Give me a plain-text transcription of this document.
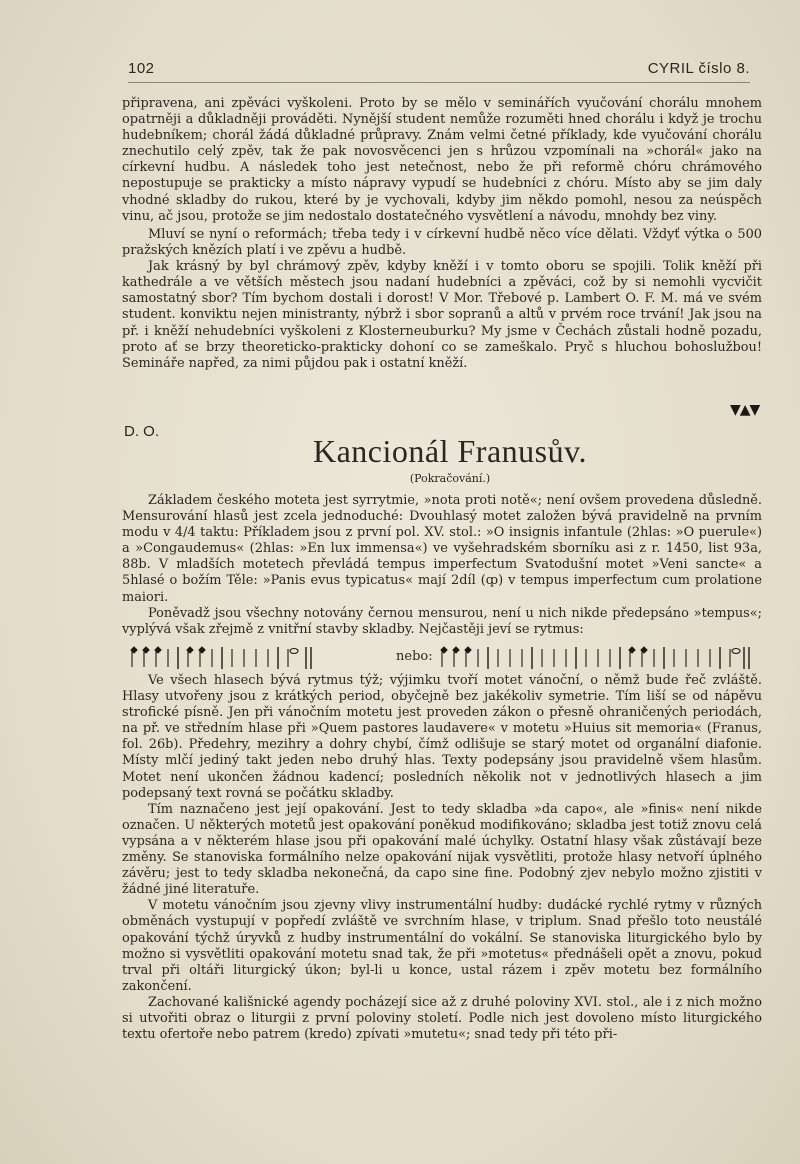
102	CYRIL číslo 8.

připravena, ani zpěváci vyškoleni. Proto by se mělo v seminářích vyučování chorálu mnohem opatrněji a důkladněji prováděti. Nynější student nemůže rozuměti hned chorálu i když je trochu hudebníkem; chorál žádá důkladné průpravy. Znám velmi četné příklady, kde vyučování chorálu znechutilo celý zpěv, tak že pak novosvěcenci jen s hrůzou vzpomínali na »chorál« jako na církevní hudbu. A následek toho jest netečnost, nebo že při reformě chóru chrámového nepostupuje se prakticky a místo nápravy vypudí se hudebníci z chóru. Místo aby se jim daly vhodné skladby do rukou, které by je vychovali, kdyby jim někdo pomohl, nesou za neúspěch vinu, ač jsou, protože se jim nedostalo dostatečného vysvětlení a návodu, mnohdy bez viny.

Mluví se nyní o reformách; třeba tedy i v církevní hudbě něco více dělati. Vždyť výtka o 500 pražských knězích platí i ve zpěvu a hudbě.

Jak krásný by byl chrámový zpěv, kdyby kněží i v tomto oboru se spojili. Tolik kněží při kathedrále a ve větších městech jsou nadaní hudebníci a zpěváci, což by si nemohli vycvičit samostatný sbor? Tím bychom dostali i dorost! V Mor. Třebové p. Lambert O. F. M. má ve svém student. konviktu nejen ministranty, nýbrž i sbor sopranů a altů v prvém roce trvání! Jak jsou na př. i kněží nehudebníci vyškoleni z Klosterneuburku? My jsme v Čechách zůstali hodně pozadu, proto ať se brzy theoreticko-prakticky dohoní co se zameškalo. Pryč s hluchou bohoslužbou! Semináře napřed, za nimi půjdou pak i ostatní kněží.

▼▲▼
D. O.
Kancionál Franusův.
(Pokračování.)

Základem českého moteta jest syrrytmie, »nota proti notě«; není ovšem provedena důsledně. Mensurování hlasů jest zcela jednoduché: Dvouhlasý motet založen bývá pravidelně na prvním modu v 4/4 taktu: Příkladem jsou z první pol. XV. stol.: »O insignis infantule (2hlas: »O puerule«) a »Congaudemus« (2hlas: »En lux immensa«) ve vyšehradském sborníku asi z r. 1450, list 93a, 88b. V mladších motetech převládá tempus imperfectum Svatodušní motet »Veni sancte« a 5hlasé o božím Těle: »Panis evus typicatus« mají 2díl (ȹ) v tempus imperfectum cum prolatione maiori.

Poněvadž jsou všechny notovány černou mensurou, není u nich nikde předepsáno »tempus«; vyplývá však zřejmě z vnitřní stavby skladby. Nejčastěji jeví se rytmus:

nebo:

Ve všech hlasech bývá rytmus týž; výjimku tvoří motet vánoční, o němž bude řeč zvláště. Hlasy utvořeny jsou z krátkých period, obyčejně bez jakékoliv symetrie. Tím liší se od nápěvu strofické písně. Jen při vánočním motetu jest proveden zákon o přesně ohraničených periodách, na př. ve středním hlase při »Quem pastores laudavere« v motetu »Huius sit memoria« (Franus, fol. 26b). Předehry, mezihry a dohry chybí, čímž odlišuje se starý motet od organální diafonie. Místy mlčí jediný takt jeden nebo druhý hlas. Texty podepsány jsou pravidelně všem hlasům. Motet není ukončen žádnou kadencí; posledních několik not v jednotlivých hlasech a jim podepsaný text rovná se počátku skladby.

Tím naznačeno jest její opakování. Jest to tedy skladba »da capo«, ale »finis« není nikde označen. U některých motetů jest opakování poněkud modifikováno; skladba jest totiž znovu celá vypsána a v některém hlase jsou při opakování malé úchylky. Ostatní hlasy však zůstávají beze změny. Se stanoviska formálního nelze opakování nijak vysvětliti, protože hlasy netvoří úplného závěru; jest to tedy skladba nekonečná, da capo sine fine. Podobný zjev nebylo možno zjistiti v žádné jiné literatuře.

V motetu vánočním jsou zjevny vlivy instrumentální hudby: dudácké rychlé rytmy v různých obměnách vystupují v popředí zvláště ve svrchním hlase, v triplum. Snad přešlo toto neustálé opakování týchž úryvků z hudby instrumentální do vokální. Se stanoviska liturgického bylo by možno si vysvětliti opakování motetu snad tak, že při »motetus« přednášeli opět a znovu, pokud trval při oltáři liturgický úkon; byl-li u konce, ustal rázem i zpěv motetu bez formálního zakončení.

Zachované kališnické agendy pocházejí sice až z druhé poloviny XVI. stol., ale i z nich možno si utvořiti obraz o liturgii z první poloviny století. Podle nich jest dovoleno místo liturgického textu ofertoře nebo patrem (kredo) zpívati »mutetu«; snad tedy při této při-
